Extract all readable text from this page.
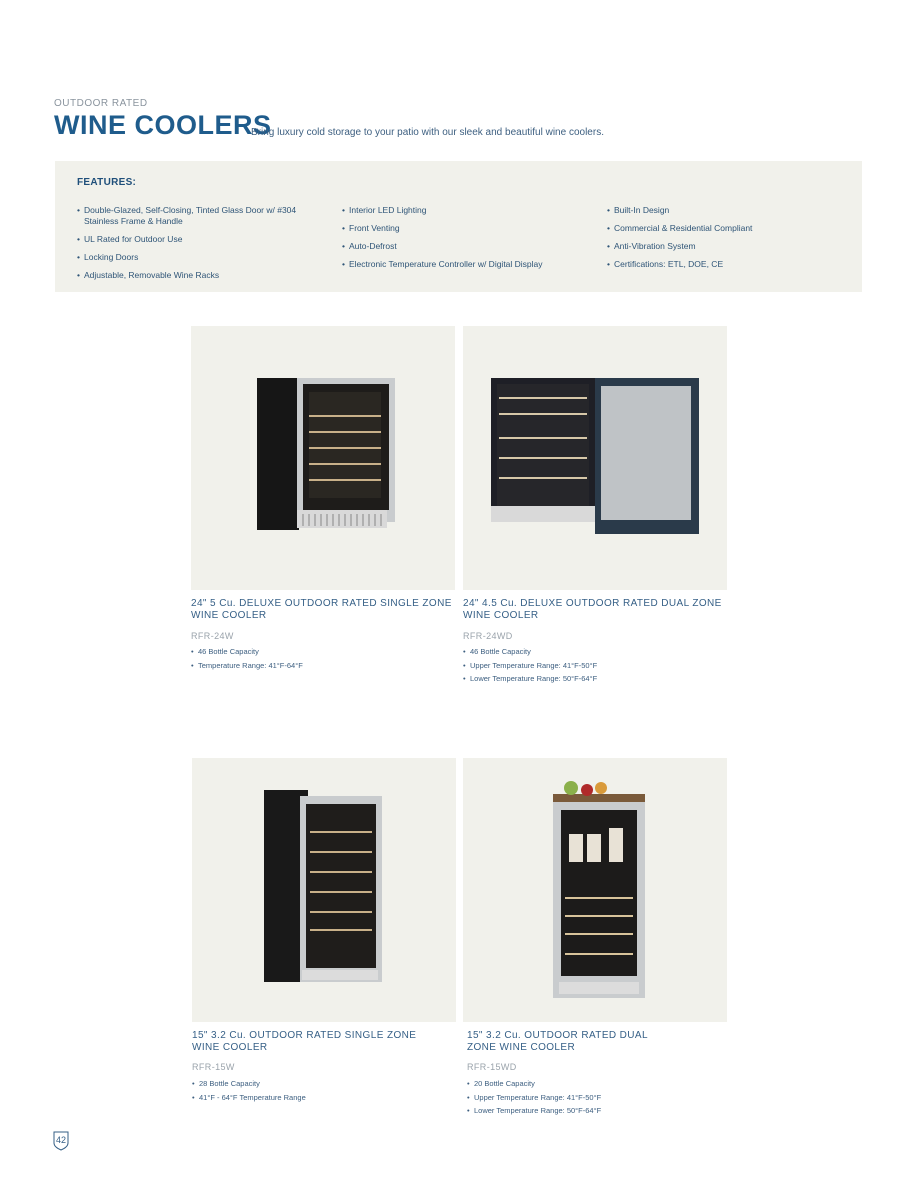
OUTDOOR RATED
WINE COOLERS
Bring luxury cold storage to your patio with our sleek and beautiful wine coolers.
FEATURES:
• Double-Glazed, Self-Closing, Tinted Glass Door w/ #304 Stainless Frame & Handle
• UL Rated for Outdoor Use
• Locking Doors
• Adjustable, Removable Wine Racks
• Interior LED Lighting
• Front Venting
• Auto-Defrost
• Electronic Temperature Controller w/ Digital Display
• Built-In Design
• Commercial & Residential Compliant
• Anti-Vibration System
• Certifications: ETL, DOE, CE

24" 5 Cu. DELUXE OUTDOOR RATED SINGLE ZONE WINE COOLER

RFR-24W
• 46 Bottle Capacity
• Temperature Range: 41°F-64°F

24" 4.5 Cu. DELUXE OUTDOOR RATED DUAL ZONE WINE COOLER

RFR-24WD
• 46 Bottle Capacity
• Upper Temperature Range: 41°F-50°F
• Lower Temperature Range: 50°F-64°F

15" 3.2 Cu. OUTDOOR RATED SINGLE ZONE WINE COOLER

RFR-15W
• 28 Bottle Capacity
• 41°F - 64°F Temperature Range

15" 3.2 Cu. OUTDOOR RATED DUAL ZONE WINE COOLER

RFR-15WD
• 20 Bottle Capacity
• Upper Temperature Range: 41°F-50°F
• Lower Temperature Range: 50°F-64°F
42
